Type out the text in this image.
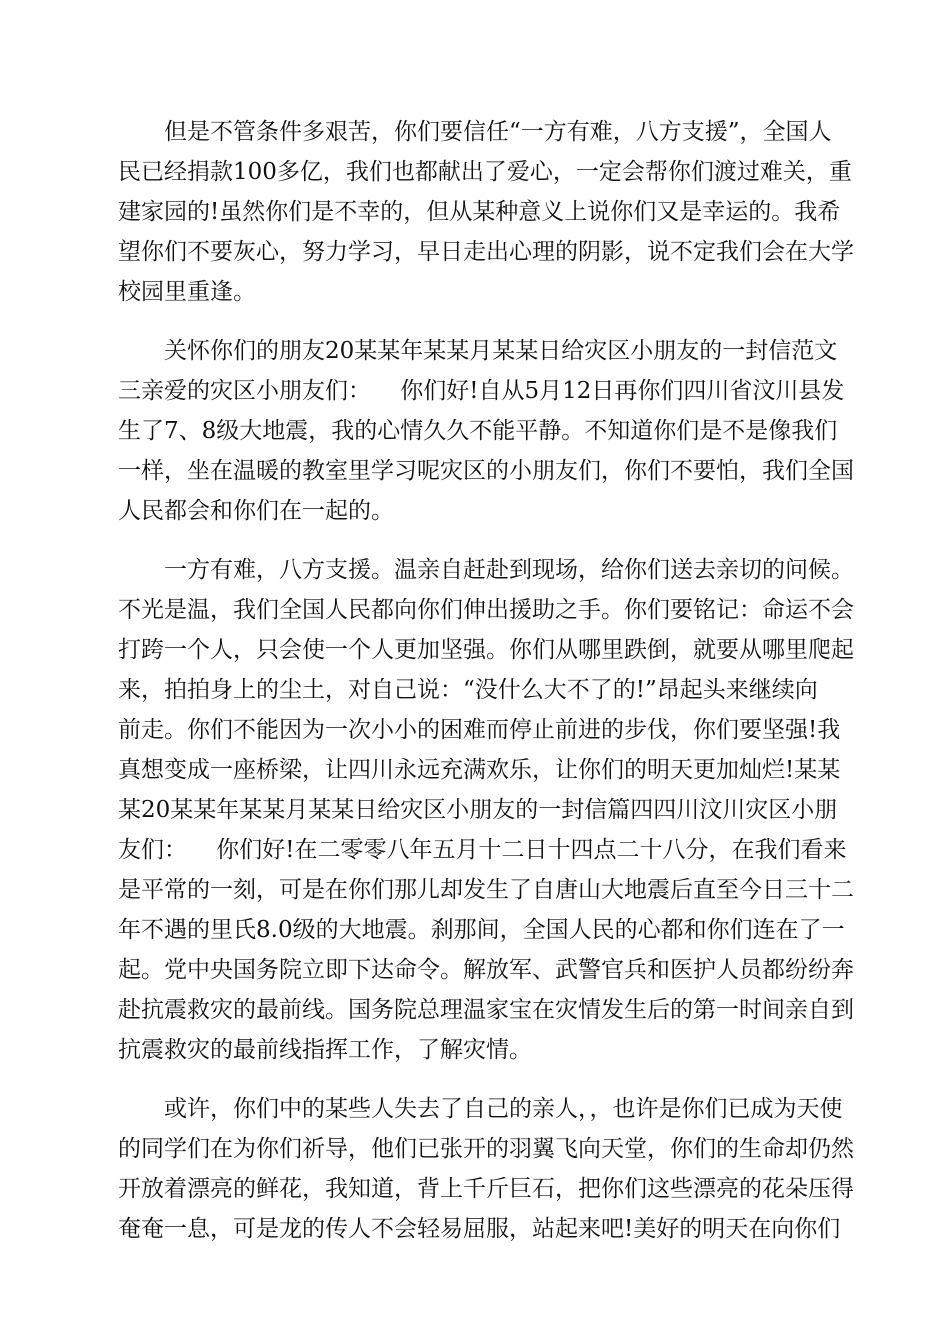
但是不管条件多艰苦，你们要信任“一方有难，八方支援”，全国人
民已经捐款100多亿，我们也都献出了爱心，一定会帮你们渡过难关，重
建家园的!虽然你们是不幸的，但从某种意义上说你们又是幸运的。我希
望你们不要灰心，努力学习，早日走出心理的阴影，说不定我们会在大学
校园里重逢。
关怀你们的朋友20某某年某某月某某日给灾区小朋友的一封信范文
三亲爱的灾区小朋友们：    你们好!自从5月12日再你们四川省汶川县发
生了7、8级大地震，我的心情久久不能平静。不知道你们是不是像我们
一样，坐在温暖的教室里学习呢灾区的小朋友们，你们不要怕，我们全国
人民都会和你们在一起的。
一方有难，八方支援。温亲自赶赴到现场，给你们送去亲切的问候。
不光是温，我们全国人民都向你们伸出援助之手。你们要铭记：命运不会
打跨一个人，只会使一个人更加坚强。你们从哪里跌倒，就要从哪里爬起
来，拍拍身上的尘土，对自己说：“没什么大不了的!”昂起头来继续向
前走。你们不能因为一次小小的困难而停止前进的步伐，你们要坚强!我
真想变成一座桥梁，让四川永远充满欢乐，让你们的明天更加灿烂!某某
某20某某年某某月某某日给灾区小朋友的一封信篇四四川汶川灾区小朋
友们：    你们好!在二零零八年五月十二日十四点二十八分，在我们看来
是平常的一刻，可是在你们那儿却发生了自唐山大地震后直至今日三十二
年不遇的里氏8.0级的大地震。刹那间，全国人民的心都和你们连在了一
起。党中央国务院立即下达命令。解放军、武警官兵和医护人员都纷纷奔
赴抗震救灾的最前线。国务院总理温家宝在灾情发生后的第一时间亲自到
抗震救灾的最前线指挥工作，了解灾情。
或许，你们中的某些人失去了自己的亲人，，也许是你们已成为天使
的同学们在为你们祈导，他们已张开的羽翼飞向天堂，你们的生命却仍然
开放着漂亮的鲜花，我知道，背上千斤巨石，把你们这些漂亮的花朵压得
奄奄一息，可是龙的传人不会轻易屈服，站起来吧!美好的明天在向你们
